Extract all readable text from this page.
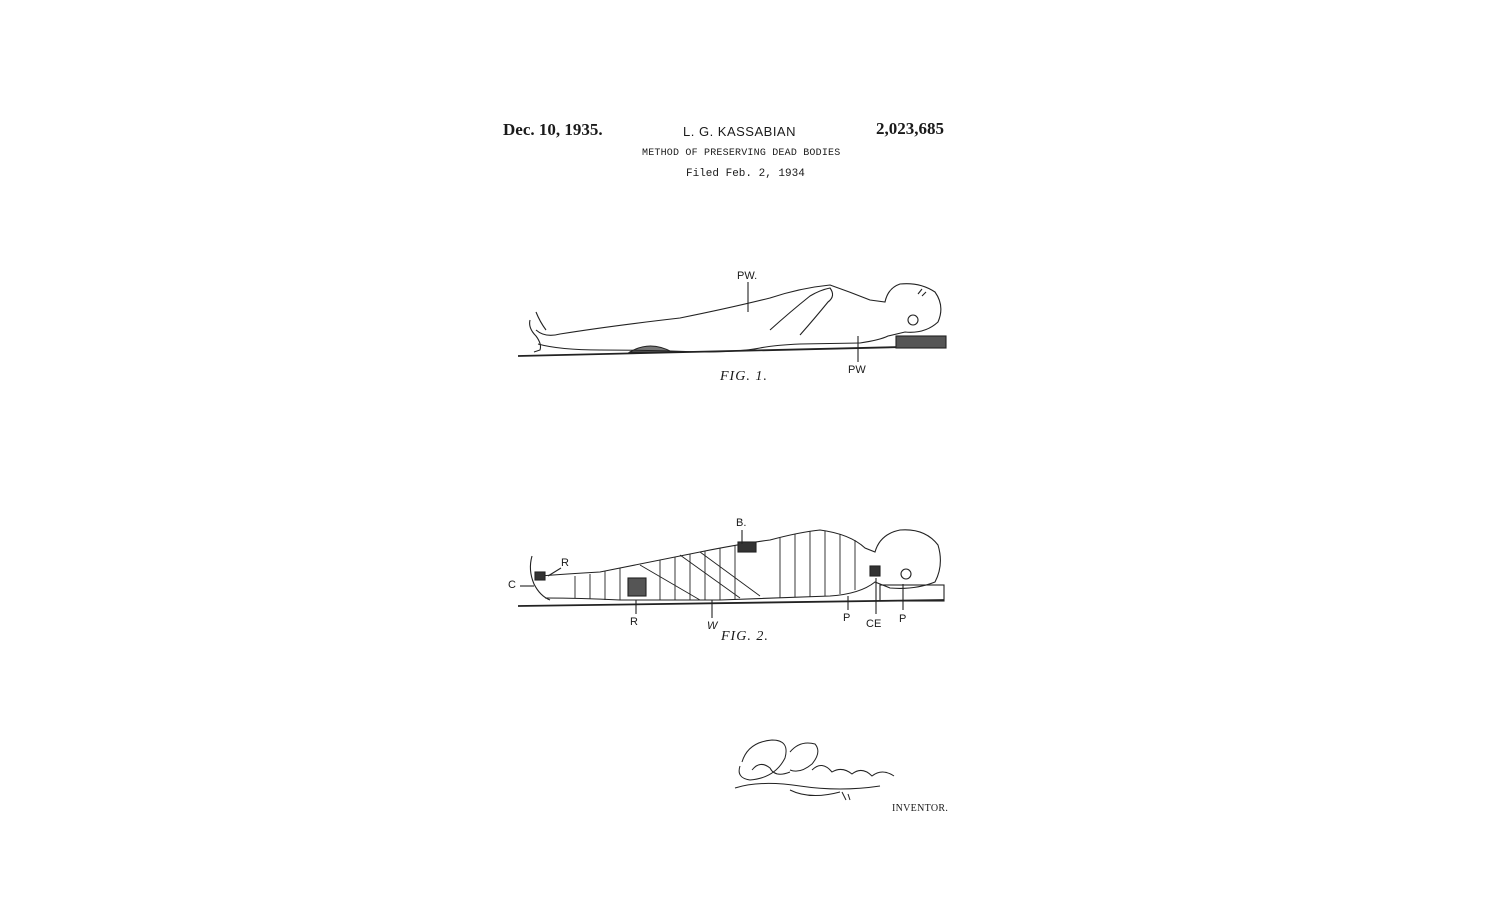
Dec. 10, 1935.	L. G. KASSABIAN	2,023,685
METHOD OF PRESERVING DEAD BODIES
Filed Feb. 2, 1934
PW.
PW
FIG. 1.
B.
R
C
R	W
P CE P
FIG. 2.
INVENTOR.
